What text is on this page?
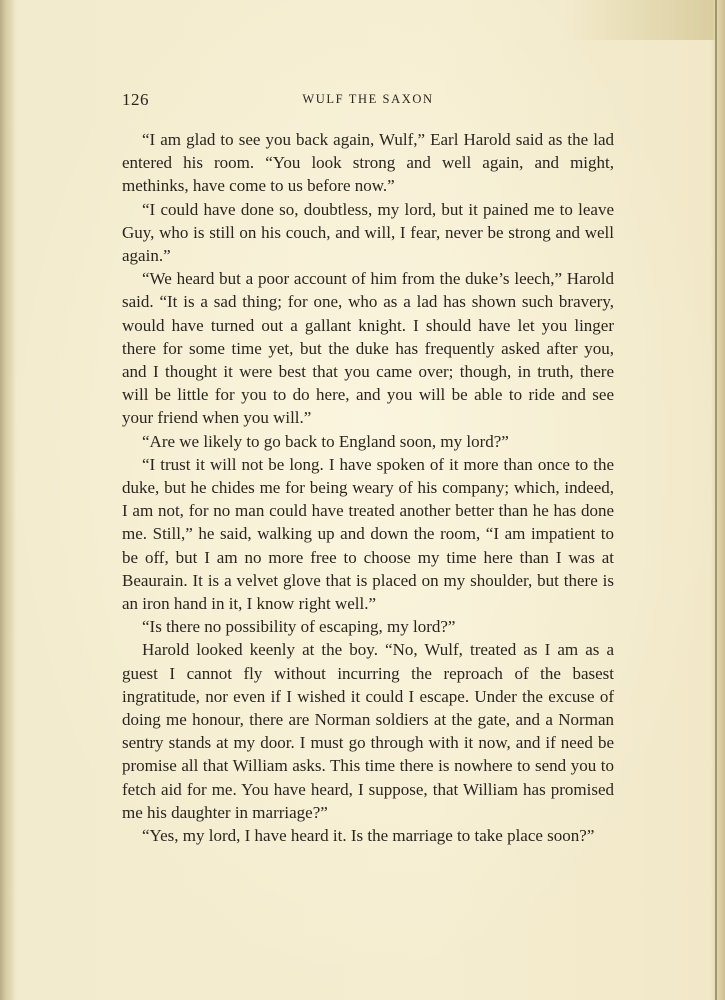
126	WULF THE SAXON

“I am glad to see you back again, Wulf,” Earl Harold said as the lad entered his room. “You look strong and well again, and might, methinks, have come to us before now.”

“I could have done so, doubtless, my lord, but it pained me to leave Guy, who is still on his couch, and will, I fear, never be strong and well again.”

“We heard but a poor account of him from the duke’s leech,” Harold said. “It is a sad thing; for one, who as a lad has shown such bravery, would have turned out a gallant knight. I should have let you linger there for some time yet, but the duke has frequently asked after you, and I thought it were best that you came over; though, in truth, there will be little for you to do here, and you will be able to ride and see your friend when you will.”

“Are we likely to go back to England soon, my lord?”

“I trust it will not be long. I have spoken of it more than once to the duke, but he chides me for being weary of his company; which, indeed, I am not, for no man could have treated another better than he has done me. Still,” he said, walking up and down the room, “I am impatient to be off, but I am no more free to choose my time here than I was at Beaurain. It is a velvet glove that is placed on my shoulder, but there is an iron hand in it, I know right well.”

“Is there no possibility of escaping, my lord?”

Harold looked keenly at the boy. “No, Wulf, treated as I am as a guest I cannot fly without incurring the reproach of the basest ingratitude, nor even if I wished it could I escape. Under the excuse of doing me honour, there are Norman soldiers at the gate, and a Norman sentry stands at my door. I must go through with it now, and if need be promise all that William asks. This time there is nowhere to send you to fetch aid for me. You have heard, I suppose, that William has promised me his daughter in marriage?”

“Yes, my lord, I have heard it. Is the marriage to take place soon?”
